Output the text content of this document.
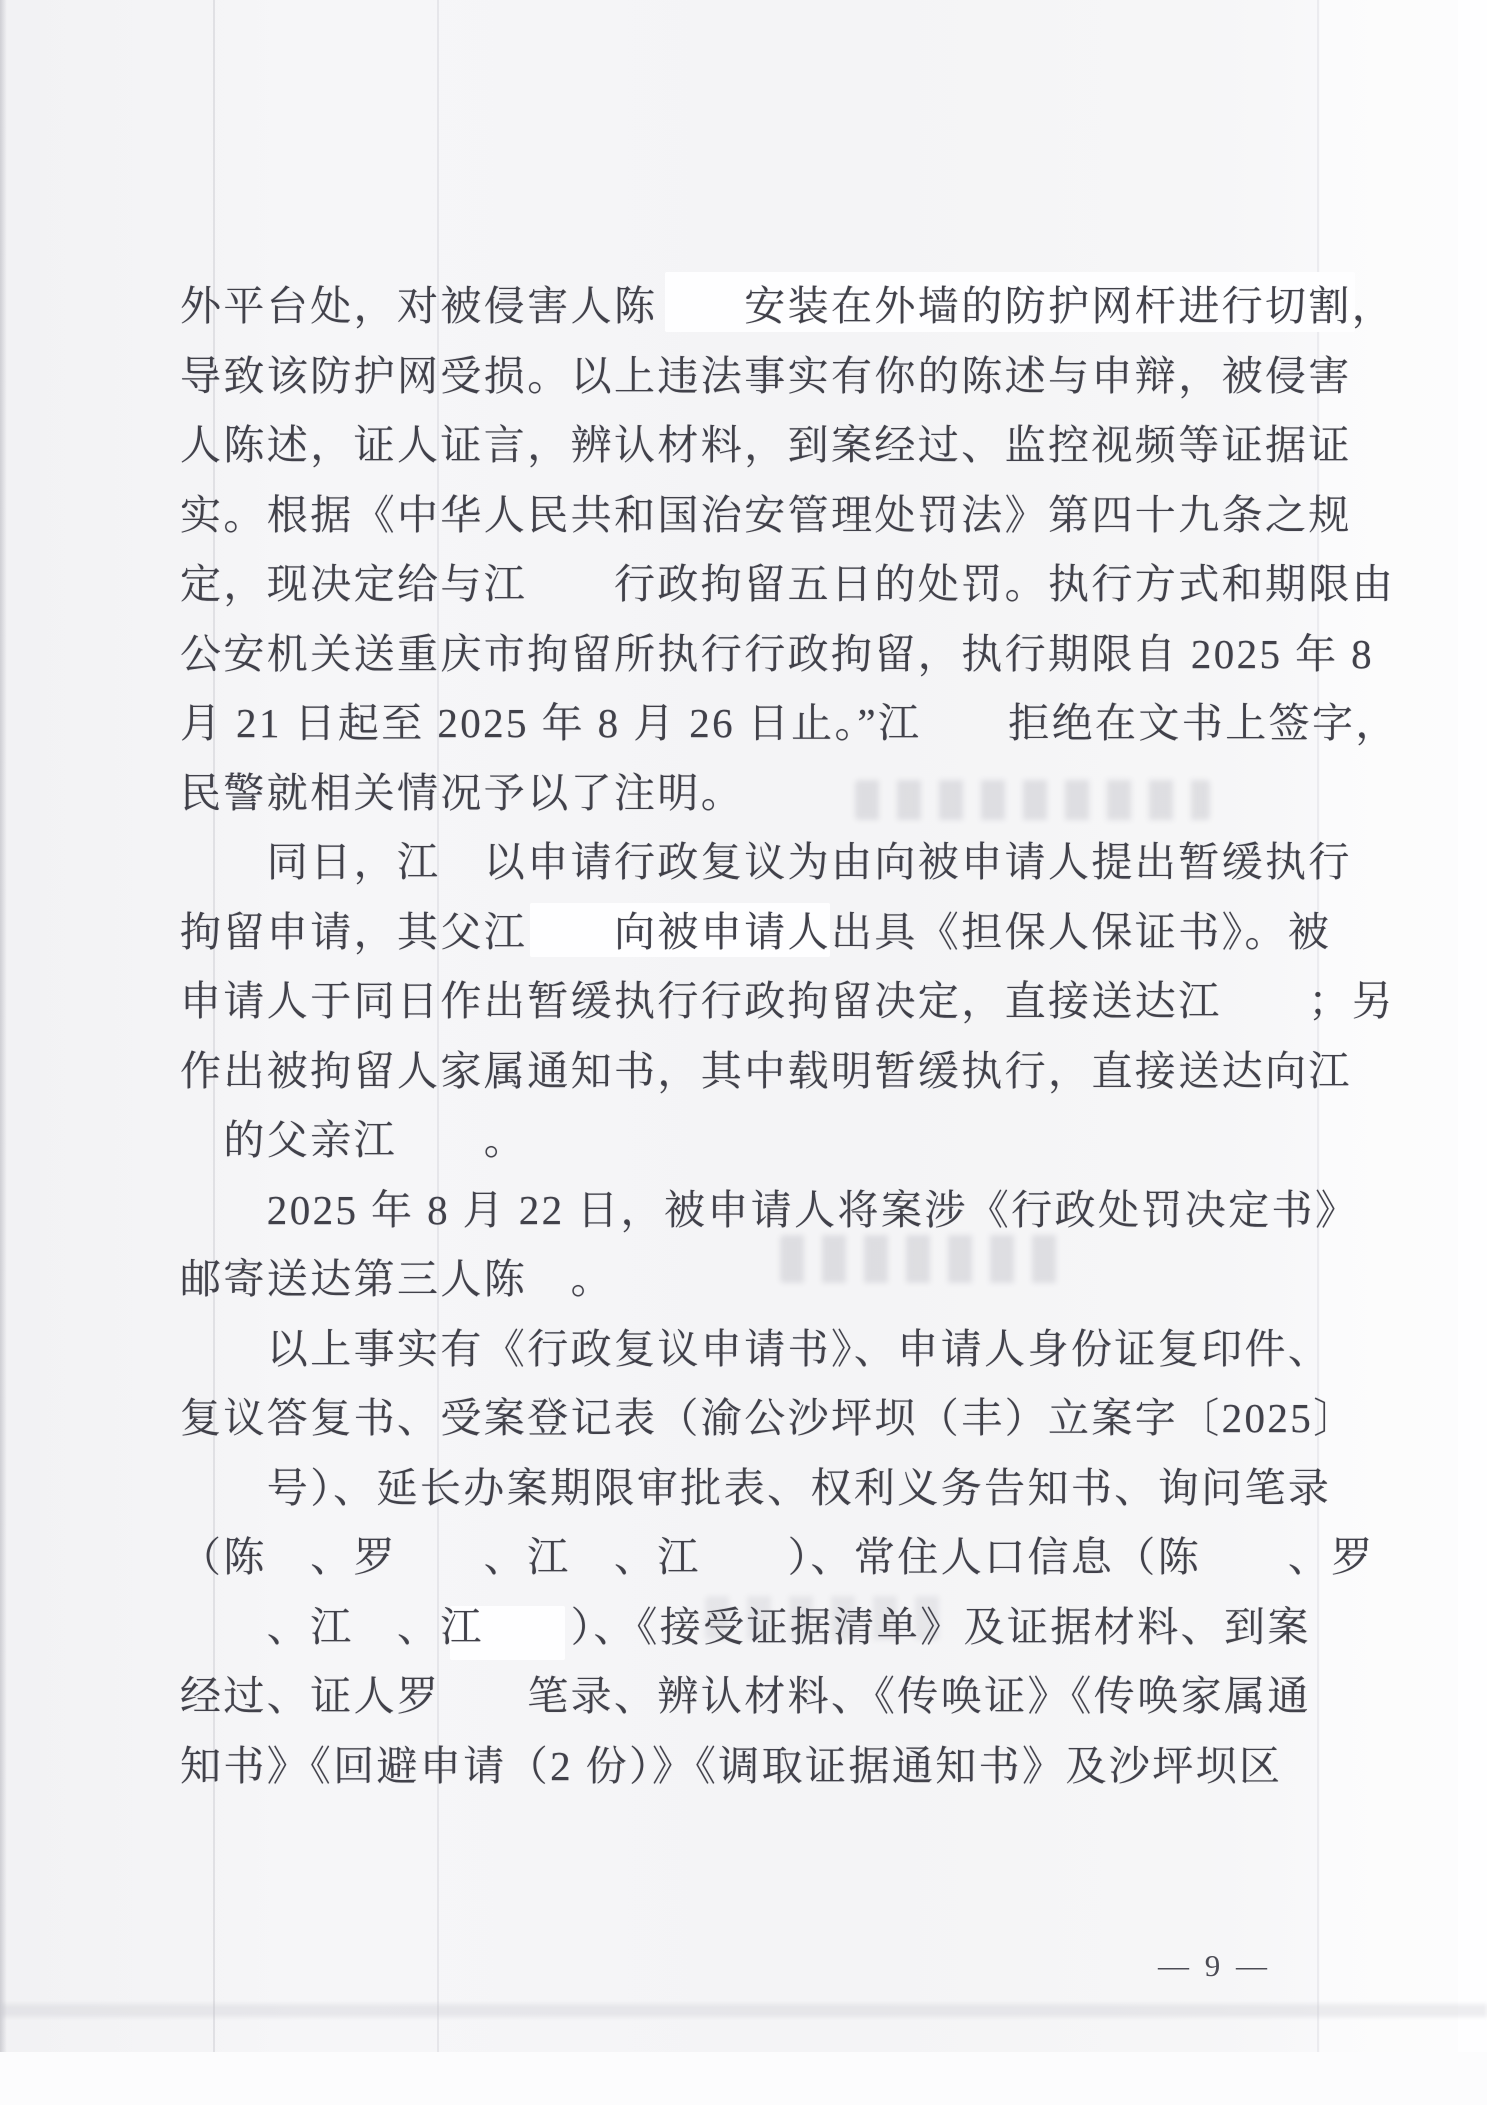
外平台处，对被侵害人陈　　安装在外墙的防护网杆进行切割，
导致该防护网受损。以上违法事实有你的陈述与申辩，被侵害
人陈述，证人证言，辨认材料，到案经过、监控视频等证据证
实。根据《中华人民共和国治安管理处罚法》第四十九条之规
定，现决定给与江　　行政拘留五日的处罚。执行方式和期限由
公安机关送重庆市拘留所执行行政拘留，执行期限自 2025 年 8
月 21 日起至 2025 年 8 月 26 日止。”江　　拒绝在文书上签字，
民警就相关情况予以了注明。
　　同日，江　以申请行政复议为由向被申请人提出暂缓执行
拘留申请，其父江　　向被申请人出具《担保人保证书》。被
申请人于同日作出暂缓执行行政拘留决定，直接送达江　　；另
作出被拘留人家属通知书，其中载明暂缓执行，直接送达向江
　的父亲江　　。
　　2025 年 8 月 22 日，被申请人将案涉《行政处罚决定书》
邮寄送达第三人陈　。
　　以上事实有《行政复议申请书》、申请人身份证复印件、
复议答复书、受案登记表（渝公沙坪坝（丰）立案字〔2025〕
　　号）、延长办案期限审批表、权利义务告知书、询问笔录
（陈　、罗　　、江　、江　　）、常住人口信息（陈　　、罗
　　、江　、江　　）、《接受证据清单》及证据材料、到案
经过、证人罗　　笔录、辨认材料、《传唤证》《传唤家属通
知书》《回避申请（2 份）》《调取证据通知书》及沙坪坝区
— 9 —
